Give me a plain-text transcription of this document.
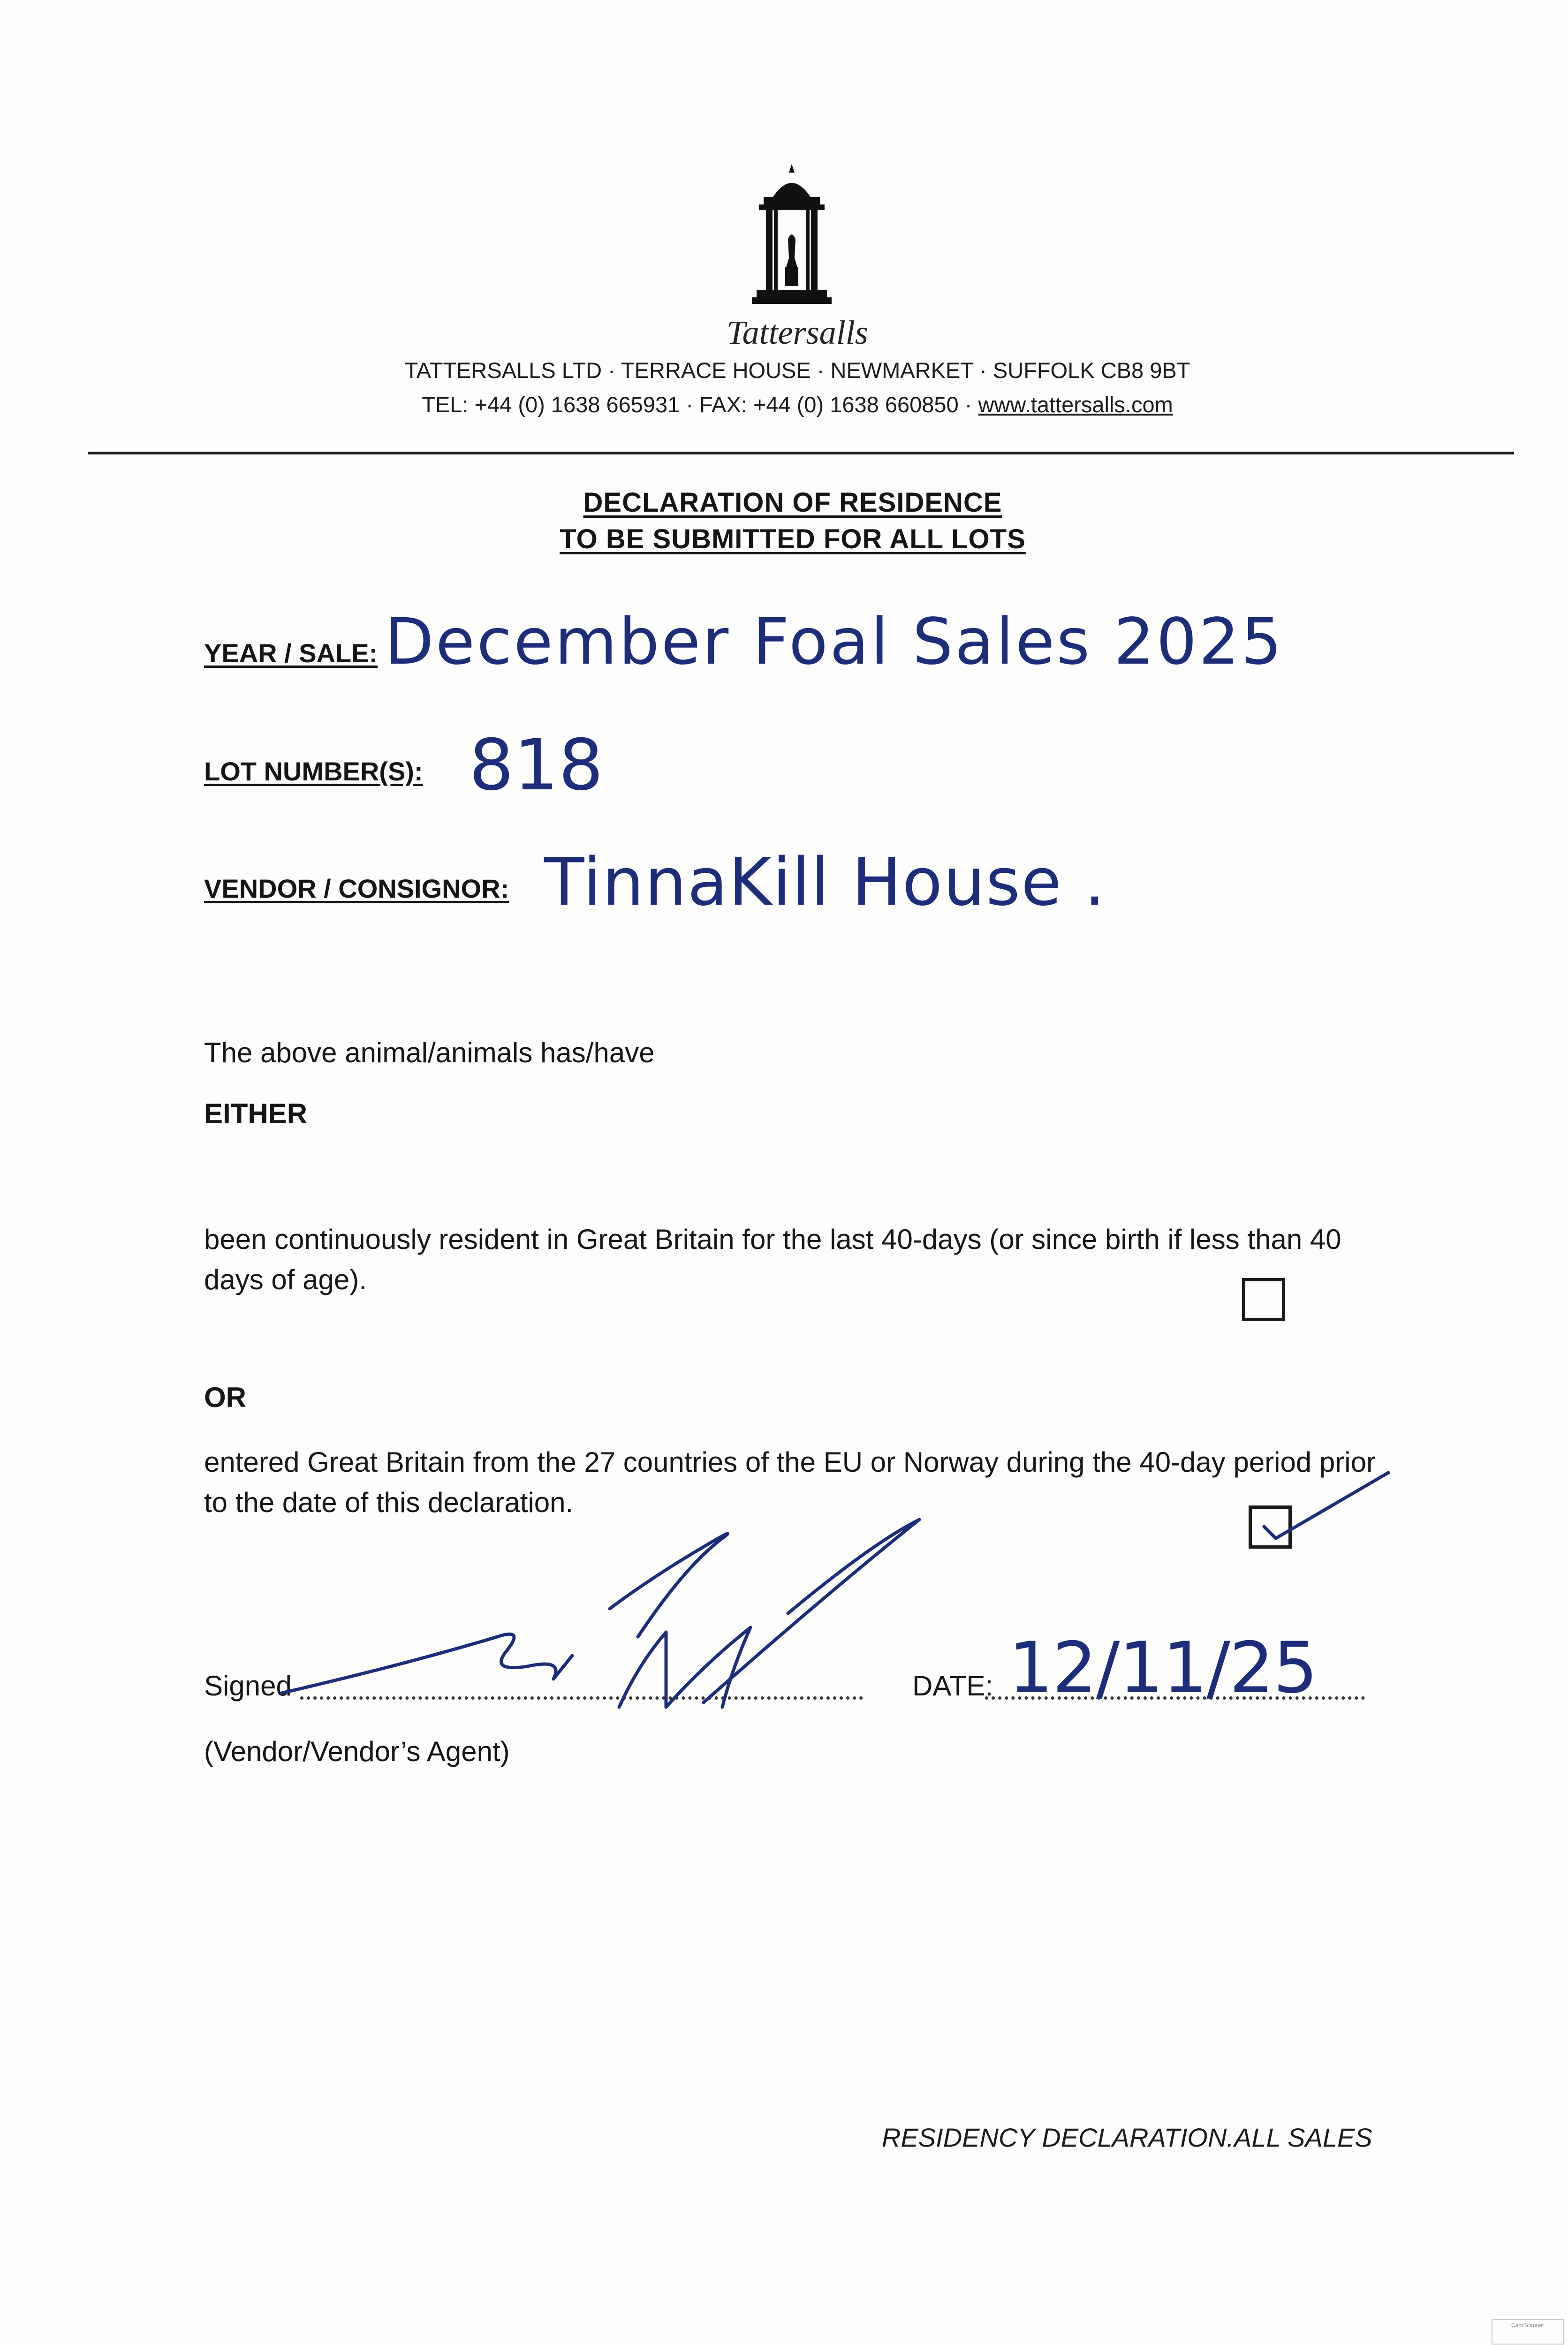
Tattersalls
TATTERSALLS LTD · TERRACE HOUSE · NEWMARKET · SUFFOLK CB8 9BT
TEL: +44 (0) 1638 665931 · FAX: +44 (0) 1638 660850 · www.tattersalls.com
DECLARATION OF RESIDENCE
TO BE SUBMITTED FOR ALL LOTS
YEAR / SALE: December Foal Sales 2025
LOT NUMBER(S): 818
VENDOR / CONSIGNOR: TinnaKill House .
The above animal/animals has/have
EITHER
been continuously resident in Great Britain for the last 40-days (or since birth if less than 40 days of age).
OR
entered Great Britain from the 27 countries of the EU or Norway during the 40-day period prior to the date of this declaration.
Signed	DATE: 12/11/25
(Vendor/Vendor’s Agent)
RESIDENCY DECLARATION.ALL SALES
CamScanner
